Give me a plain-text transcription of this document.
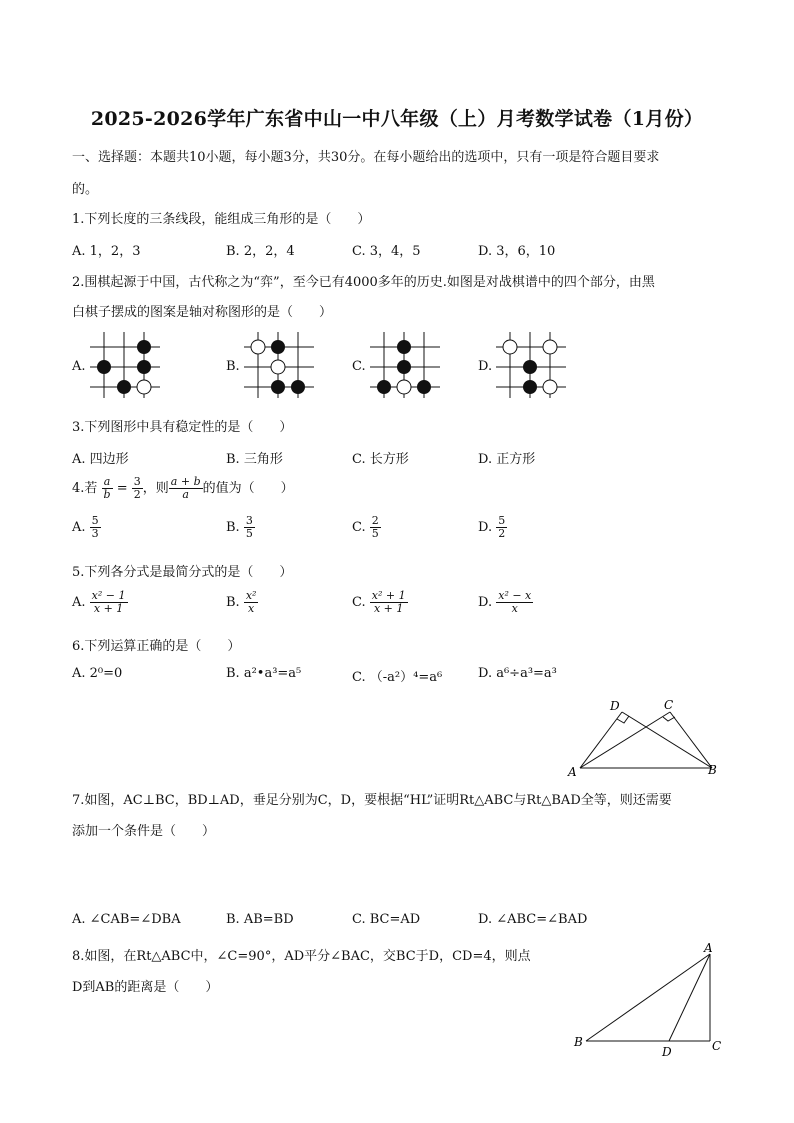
2025-2026学年广东省中山一中八年级（上）月考数学试卷（1月份）
一、选择题：本题共10小题，每小题3分，共30分。在每小题给出的选项中，只有一项是符合题目要求
的。
1.下列长度的三条线段，能组成三角形的是（　　）
A. 1，2，3	B. 2，2，4	C. 3，4，5	D. 3，6，10
2.围棋起源于中国，古代称之为“弈”，至今已有4000多年的历史.如图是对战棋谱中的四个部分，由黑
白棋子摆成的图案是轴对称图形的是（　　）
A.	B.	C.	D.
3.下列图形中具有稳定性的是（　　）
A. 四边形	B. 三角形	C. 长方形	D. 正方形
4.若 $\frac{a}{b} = \frac{3}{2}$ ，则 $\frac{a + b}{a}$ 的值为（　　）
A. $\frac{5}{3}$	B. $\frac{3}{5}$	C. $\frac{2}{5}$	D. $\frac{5}{2}$
5.下列各分式是最简分式的是（　　）
A. $\frac{\text{x² − 1}}{x + 1}$	B. $\frac{\text{x²}}{x}$	C. $\frac{\text{x² + 1}}{x + 1}$	D. $\frac{\text{x² − x}}{x}$
6.下列运算正确的是（　　）
A. 2⁰=0	B. a²•a³=a⁵	C. （-a²）⁴=a⁶	D. a⁶÷a³=a³
D	C
A	B
7.如图，AC⊥BC，BD⊥AD，垂足分别为C，D，要根据“HL”证明Rt△ABC与Rt△BAD全等，则还需要
添加一个条件是（　　）
A. ∠CAB=∠DBA	B. AB=BD	C. BC=AD	D. ∠ABC=∠BAD
8.如图，在Rt△ABC中，∠C=90°，AD平分∠BAC，交BC于D，CD=4，则点
D到AB的距离是（　　）
A
B	C
D
